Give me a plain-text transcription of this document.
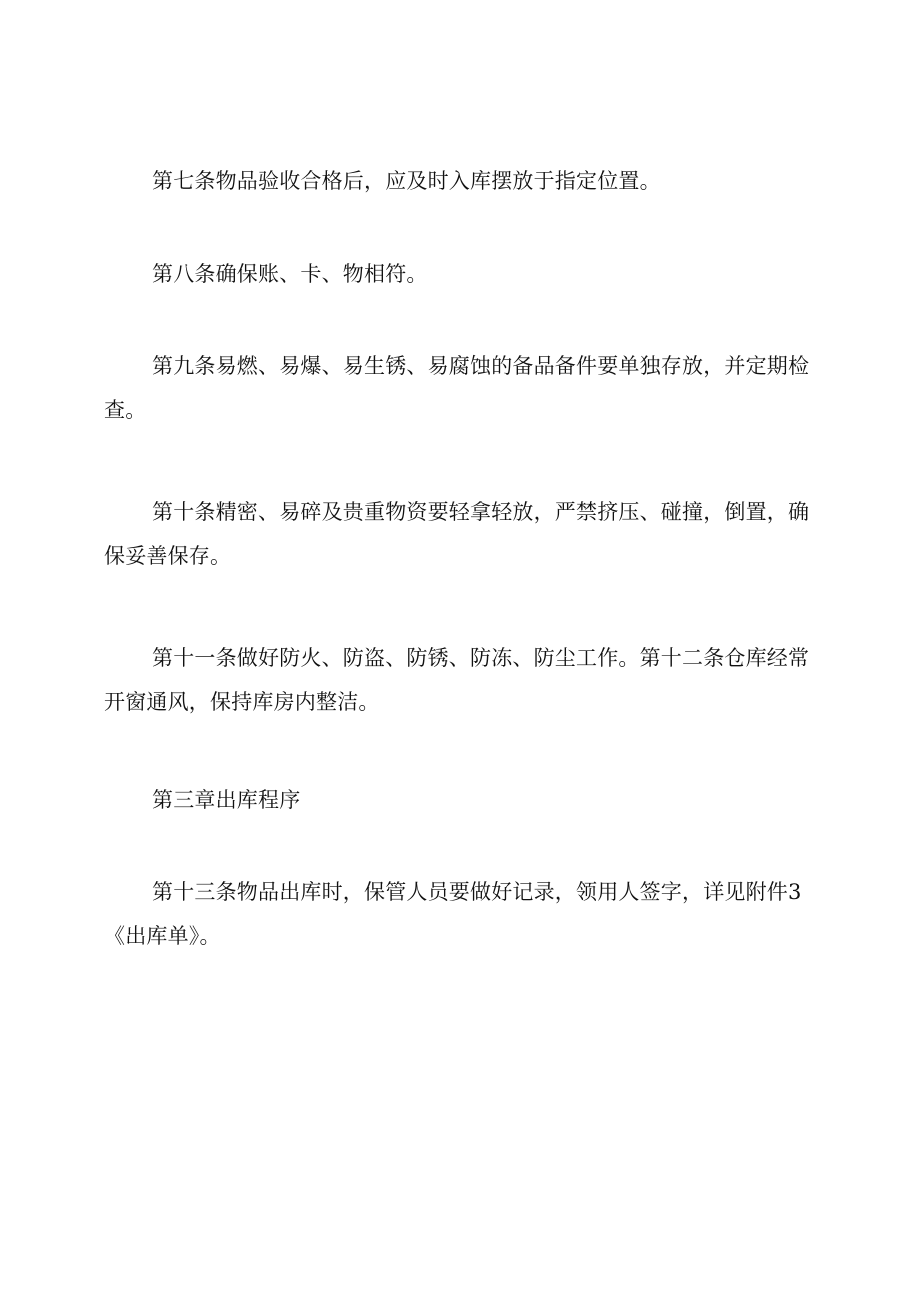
第七条物品验收合格后，应及时入库摆放于指定位置。

第八条确保账、卡、物相符。

第九条易燃、易爆、易生锈、易腐蚀的备品备件要单独存放，并定期检查。

第十条精密、易碎及贵重物资要轻拿轻放，严禁挤压、碰撞，倒置，确保妥善保存。

第十一条做好防火、防盗、防锈、防冻、防尘工作。第十二条仓库经常开窗通风，保持库房内整洁。

第三章出库程序

第十三条物品出库时，保管人员要做好记录，领用人签字，详见附件3《出库单》。
